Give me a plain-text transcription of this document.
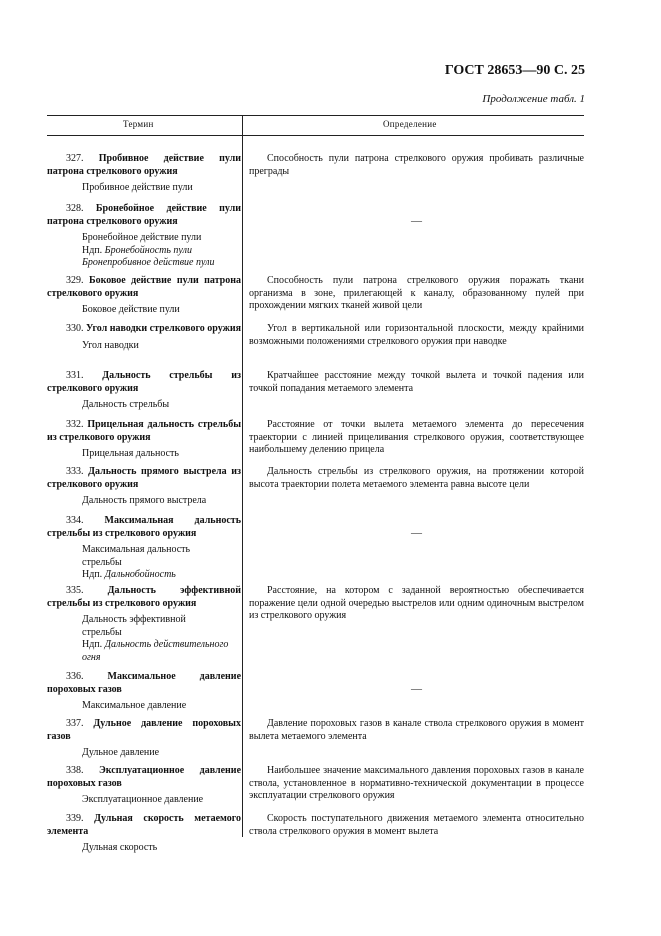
ГОСТ 28653—90 С. 25
Продолжение табл. 1
Термин	Определение
327. Пробивное действие пули патрона стрелкового оружия
Пробивное действие пули
Способность пули патрона стрелкового оружия пробивать различные преграды
328. Бронебойное действие пули патрона стрелкового оружия
Бронебойное действие пули
Ндп. Бронебойность пули
Бронепробивное действие пули
—
329. Боковое действие пули патрона стрелкового оружия
Боковое действие пули
Способность пули патрона стрелкового оружия поражать ткани организма в зоне, прилегающей к каналу, образованному пулей при прохождении мягких тканей живой цели
330. Угол наводки стрелкового оружия
Угол наводки
Угол в вертикальной или горизонтальной плоскости, между крайними возможными положениями стрелкового оружия при наводке
331. Дальность стрельбы из стрелкового оружия
Дальность стрельбы
Кратчайшее расстояние между точкой вылета и точкой падения или точкой попадания метаемого элемента
332. Прицельная дальность стрельбы из стрелкового оружия
Прицельная дальность
Расстояние от точки вылета метаемого элемента до пересечения траектории с линией прицеливания стрелкового оружия, соответствующее наибольшему делению прицела
333. Дальность прямого выстрела из стрелкового оружия
Дальность прямого выстрела
Дальность стрельбы из стрелкового оружия, на протяжении которой высота траектории полета метаемого элемента равна высоте цели
334. Максимальная дальность стрельбы из стрелкового оружия
Максимальная дальность
стрельбы
Ндп. Дальнобойность
—
335. Дальность эффективной стрельбы из стрелкового оружия
Дальность эффективной
стрельбы
Ндп. Дальность действительного
огня
Расстояние, на котором с заданной вероятностью обеспечивается поражение цели одной очередью выстрелов или одним одиночным выстрелом из стрелкового оружия
336. Максимальное давление пороховых газов
Максимальное давление
—
337. Дульное давление пороховых газов
Дульное давление
Давление пороховых газов в канале ствола стрелкового оружия в момент вылета метаемого элемента
338. Эксплуатационное давление пороховых газов
Эксплуатационное давление
Наибольшее значение максимального давления пороховых газов в канале ствола, установленное в нормативно-технической документации в процессе эксплуатации стрелкового оружия
339. Дульная скорость метаемого элемента
Дульная скорость
Скорость поступательного движения метаемого элемента относительно ствола стрелкового оружия в момент вылета
